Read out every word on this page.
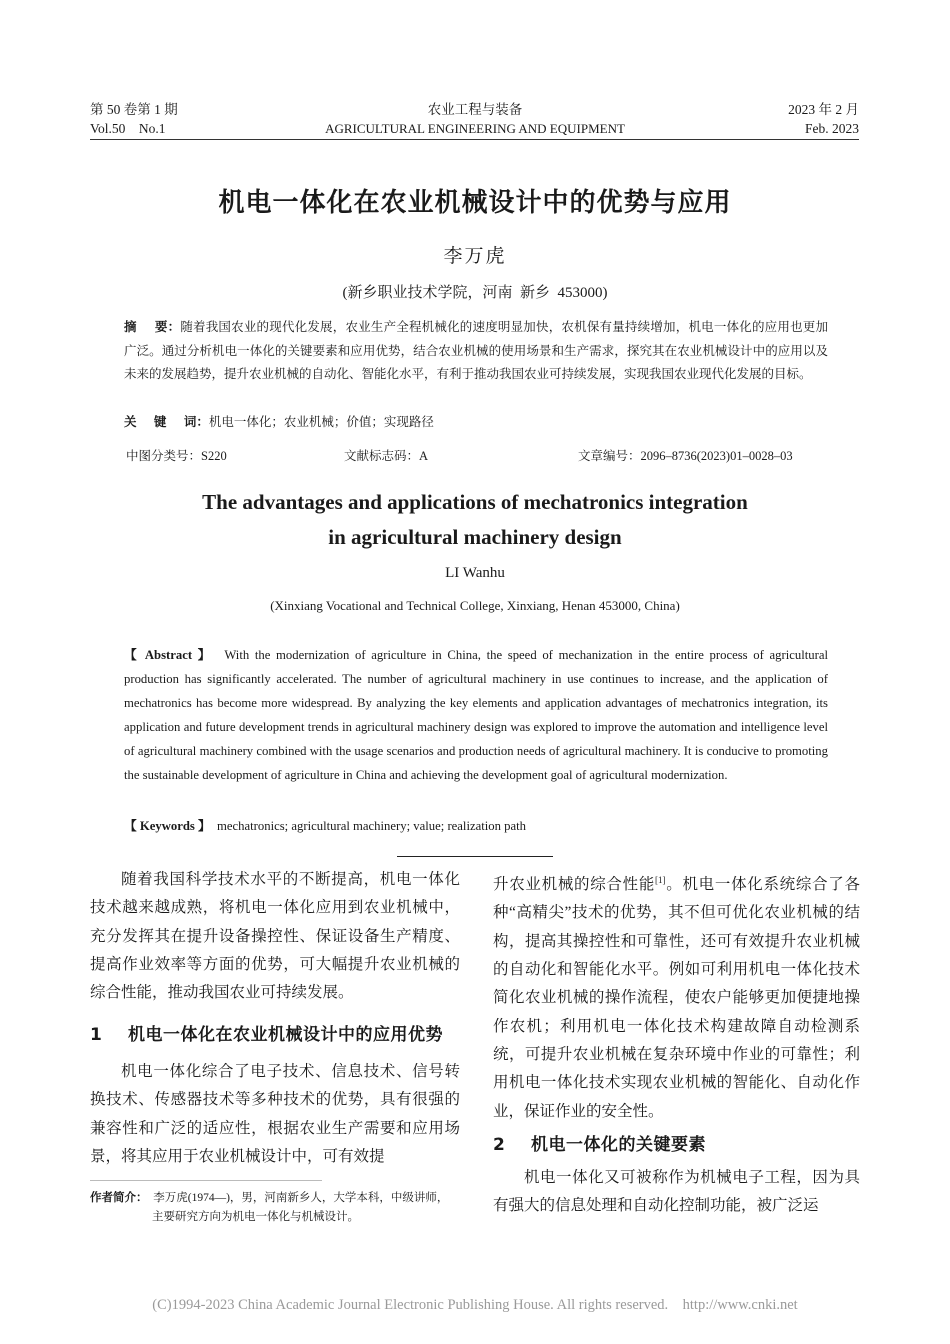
第 50 卷第 1 期	农业工程与装备	2023 年 2 月
Vol.50    No.1	AGRICULTURAL ENGINEERING AND EQUIPMENT	Feb. 2023
机电一体化在农业机械设计中的优势与应用
李万虎
(新乡职业技术学院，河南  新乡  453000)
摘    要：随着我国农业的现代化发展，农业生产全程机械化的速度明显加快，农机保有量持续增加，机电一体化的应用也更加广泛。通过分析机电一体化的关键要素和应用优势，结合农业机械的使用场景和生产需求，探究其在农业机械设计中的应用以及未来的发展趋势，提升农业机械的自动化、智能化水平，有利于推动我国农业可持续发展，实现我国农业现代化发展的目标。
关    键    词：机电一体化；农业机械；价值；实现路径
中图分类号：S220	文献标志码：A	文章编号：2096–8736(2023)01–0028–03
The advantages and applications of mechatronics integration
in agricultural machinery design
LI Wanhu
(Xinxiang Vocational and Technical College, Xinxiang, Henan 453000, China)
【 Abstract 】 With the modernization of agriculture in China, the speed of mechanization in the entire process of agricultural production has significantly accelerated. The number of agricultural machinery in use continues to increase, and the application of mechatronics has become more widespread. By analyzing the key elements and application advantages of mechatronics integration, its application and future development trends in agricultural machinery design was explored to improve the automation and intelligence level of agricultural machinery combined with the usage scenarios and production needs of agricultural machinery. It is conducive to promoting the sustainable development of agriculture in China and achieving the development goal of agricultural modernization.
【 Keywords 】 mechatronics; agricultural machinery; value; realization path

随着我国科学技术水平的不断提高，机电一体化技术越来越成熟，将机电一体化应用到农业机械中，充分发挥其在提升设备操控性、保证设备生产精度、提高作业效率等方面的优势，可大幅提升农业机械的综合性能，推动我国农业可持续发展。

1    机电一体化在农业机械设计中的应用优势

机电一体化综合了电子技术、信息技术、信号转换技术、传感器技术等多种技术的优势，具有很强的兼容性和广泛的适应性，根据农业生产需要和应用场景，将其应用于农业机械设计中，可有效提

作者简介： 李万虎(1974—)，男，河南新乡人，大学本科，中级讲师，
主要研究方向为机电一体化与机械设计。

升农业机械的综合性能[1]。机电一体化系统综合了各种“高精尖”技术的优势，其不但可优化农业机械的结构，提高其操控性和可靠性，还可有效提升农业机械的自动化和智能化水平。例如可利用机电一体化技术简化农业机械的操作流程，使农户能够更加便捷地操作农机；利用机电一体化技术构建故障自动检测系统，可提升农业机械在复杂环境中作业的可靠性；利用机电一体化技术实现农业机械的智能化、自动化作业，保证作业的安全性。

2    机电一体化的关键要素

机电一体化又可被称作为机械电子工程，因为具有强大的信息处理和自动化控制功能，被广泛运

(C)1994-2023 China Academic Journal Electronic Publishing House. All rights reserved.    http://www.cnki.net
